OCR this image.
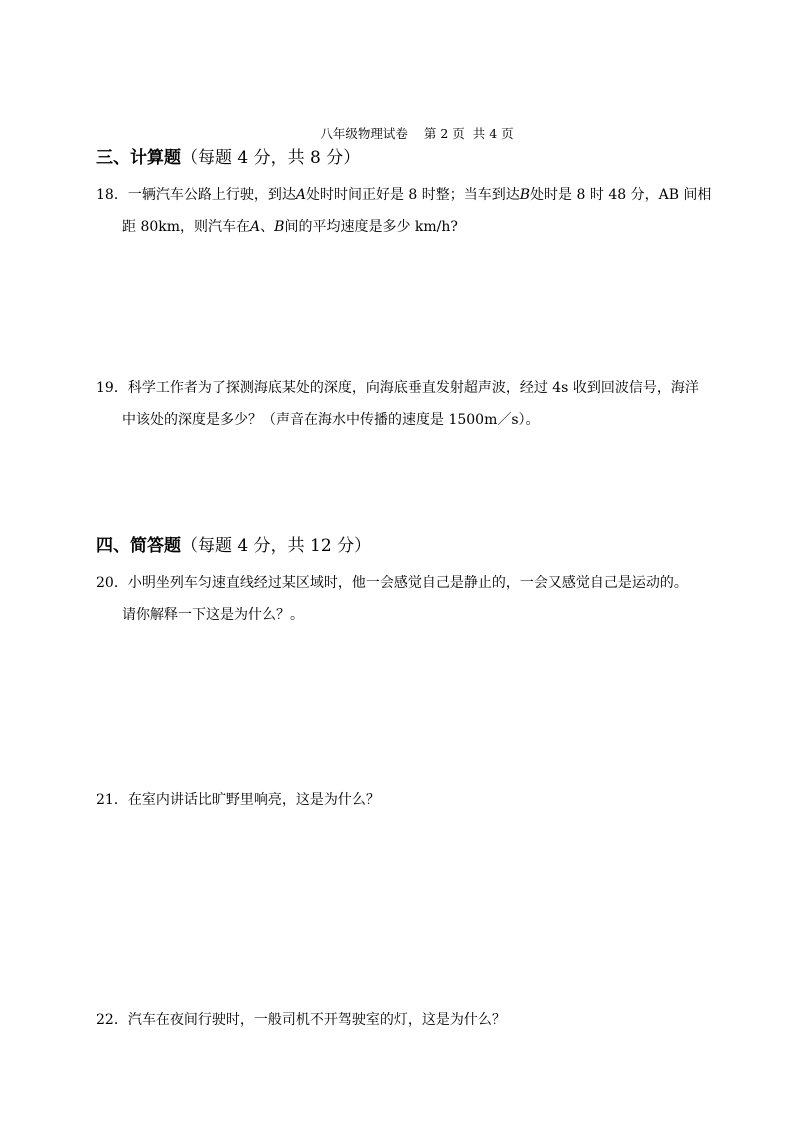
八年级物理试卷 第 2 页 共 4 页
三、计算题（每题 4 分，共 8 分）
18．一辆汽车公路上行驶，到达A处时时间正好是 8 时整；当车到达B处时是 8 时 48 分，AB 间相
距 80km，则汽车在A、B间的平均速度是多少 km/h?
19．科学工作者为了探测海底某处的深度，向海底垂直发射超声波，经过 4s 收到回波信号，海洋
中该处的深度是多少？（声音在海水中传播的速度是 1500m／s）。
四、简答题（每题 4 分，共 12 分）
20．小明坐列车匀速直线经过某区域时，他一会感觉自己是静止的，一会又感觉自己是运动的。
请你解释一下这是为什么？。
21．在室内讲话比旷野里响亮，这是为什么？
22．汽车在夜间行驶时，一般司机不开驾驶室的灯，这是为什么？
